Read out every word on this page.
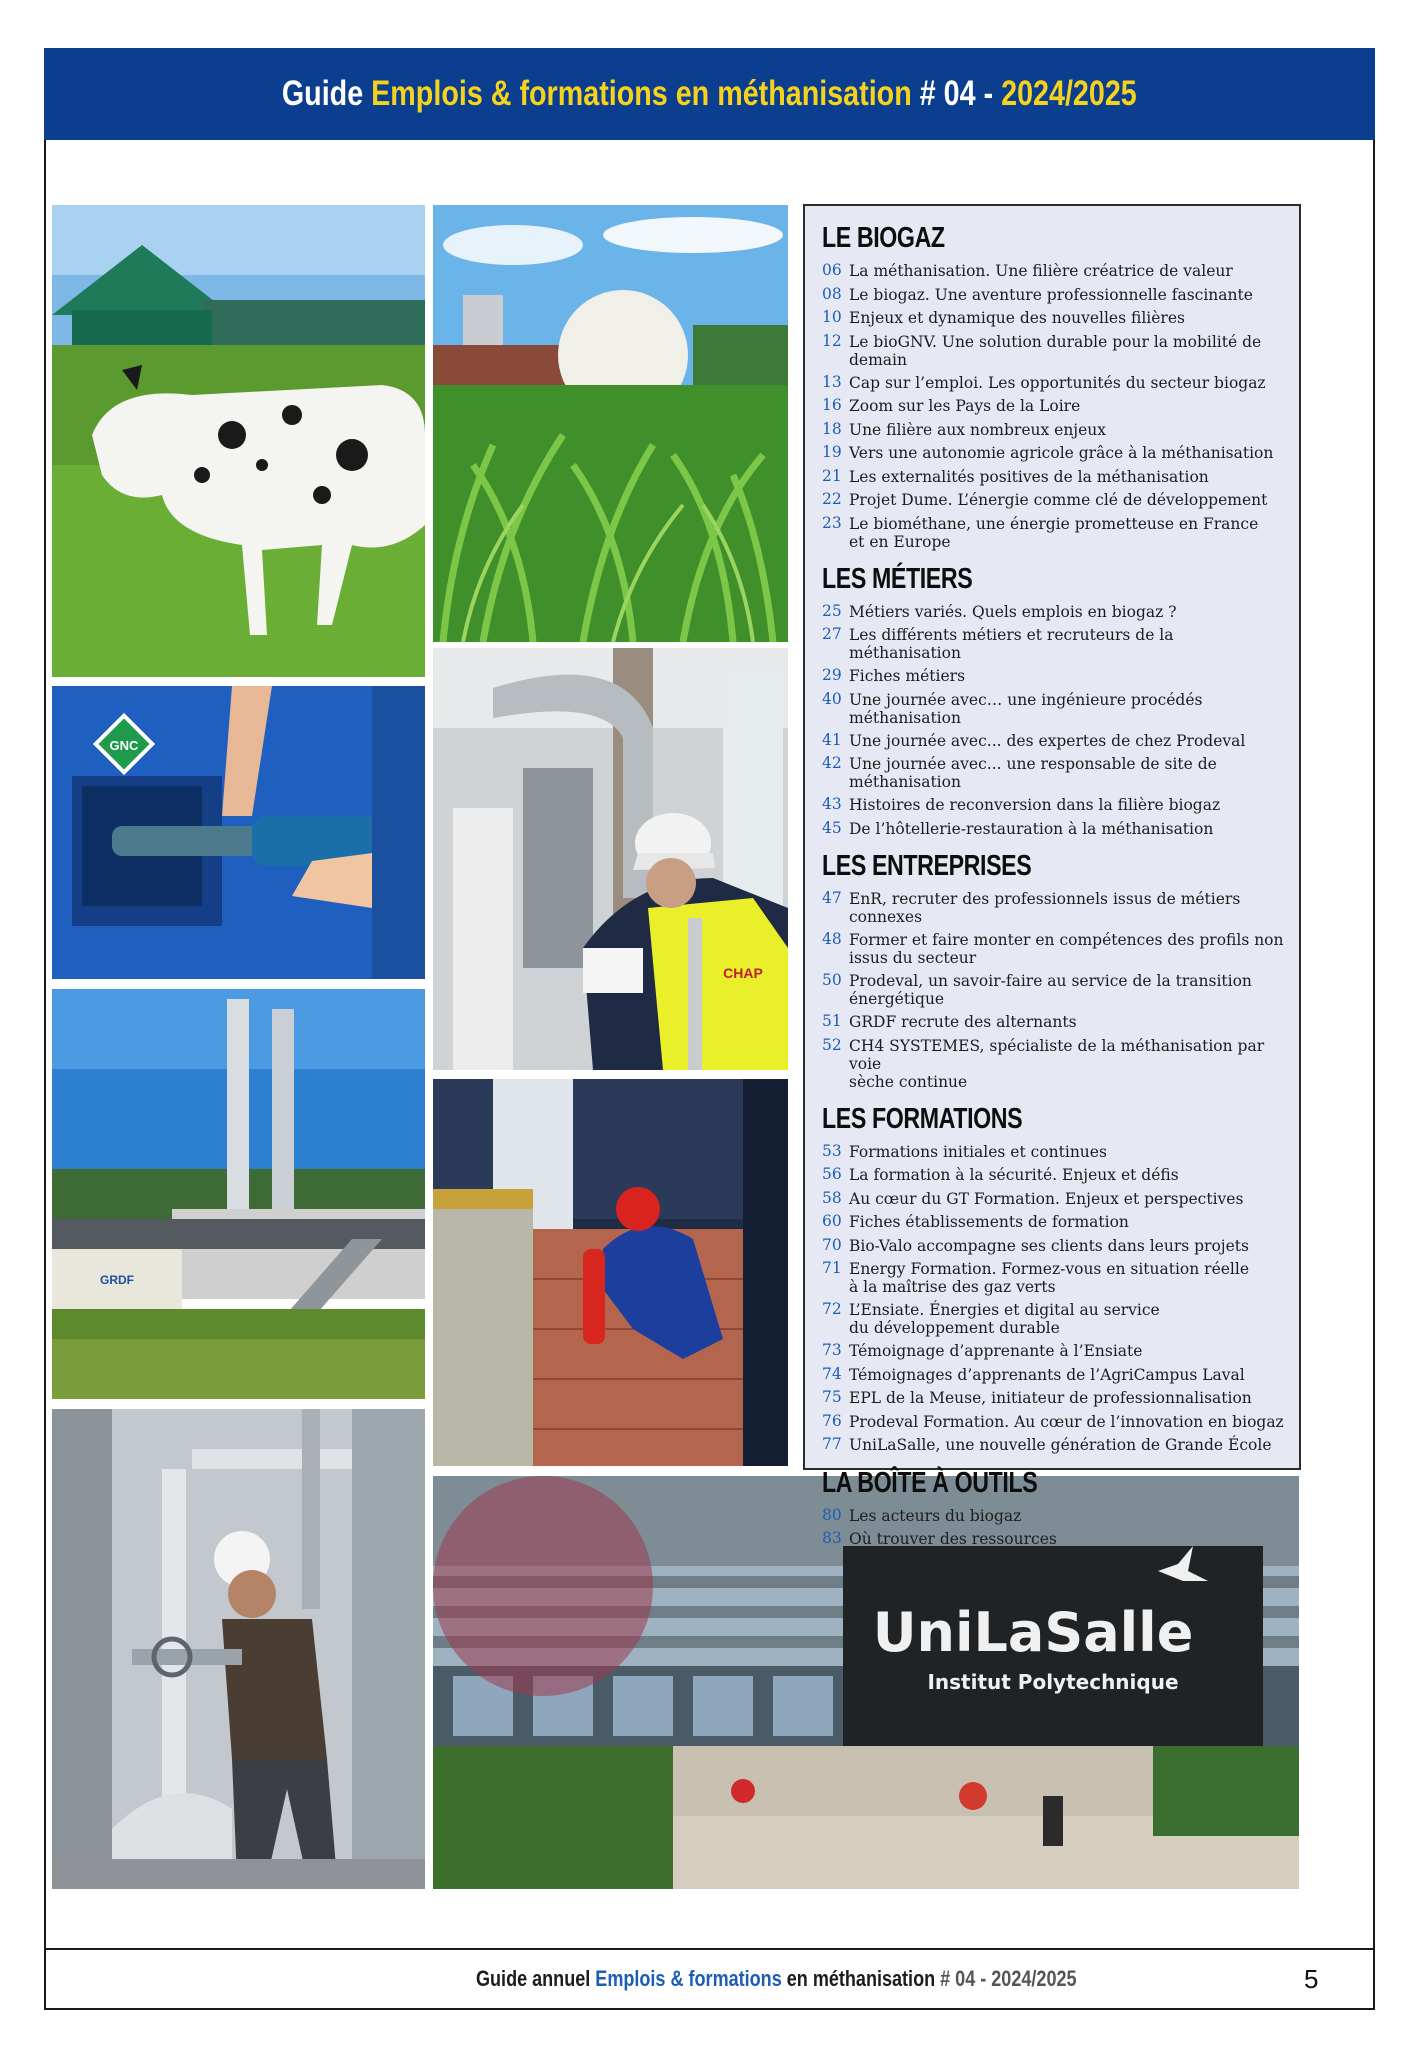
Guide Emplois & formations en méthanisation # 04 - 2024/2025
GNC
CHAP
GRDF
UniLaSalle
Institut Polytechnique
LE BIOGAZ
06 La méthanisation. Une filière créatrice de valeur
08 Le biogaz. Une aventure professionnelle fascinante
10 Enjeux et dynamique des nouvelles filières
12 Le bioGNV. Une solution durable pour la mobilité de demain
13 Cap sur l’emploi. Les opportunités du secteur biogaz
16 Zoom sur les Pays de la Loire
18 Une filière aux nombreux enjeux
19 Vers une autonomie agricole grâce à la méthanisation
21 Les externalités positives de la méthanisation
22 Projet Dume. L’énergie comme clé de développement
23 Le biométhane, une énergie prometteuse en France
et en Europe
LES MÉTIERS
25 Métiers variés. Quels emplois en biogaz ?
27 Les différents métiers et recruteurs de la méthanisation
29 Fiches métiers
40 Une journée avec… une ingénieure procédés méthanisation
41 Une journée avec... des expertes de chez Prodeval
42 Une journée avec... une responsable de site de méthanisation
43 Histoires de reconversion dans la filière biogaz
45 De l’hôtellerie-restauration à la méthanisation
LES ENTREPRISES
47 EnR, recruter des professionnels issus de métiers connexes
48 Former et faire monter en compétences des profils non
issus du secteur
50 Prodeval, un savoir-faire au service de la transition
énergétique
51 GRDF recrute des alternants
52 CH4 SYSTEMES, spécialiste de la méthanisation par voie
sèche continue
LES FORMATIONS
53 Formations initiales et continues
56 La formation à la sécurité. Enjeux et défis
58 Au cœur du GT Formation. Enjeux et perspectives
60 Fiches établissements de formation
70 Bio-Valo accompagne ses clients dans leurs projets
71 Energy Formation. Formez-vous en situation réelle
à la maîtrise des gaz verts
72 L’Ensiate. Énergies et digital au service
du développement durable
73 Témoignage d’apprenante à l’Ensiate
74 Témoignages d’apprenants de l’AgriCampus Laval
75 EPL de la Meuse, initiateur de professionnalisation
76 Prodeval Formation. Au cœur de l’innovation en biogaz
77 UniLaSalle, une nouvelle génération de Grande École
LA BOÎTE À OUTILS
80 Les acteurs du biogaz
83 Où trouver des ressources
Guide annuel Emplois & formations en méthanisation # 04 - 2024/2025	5
